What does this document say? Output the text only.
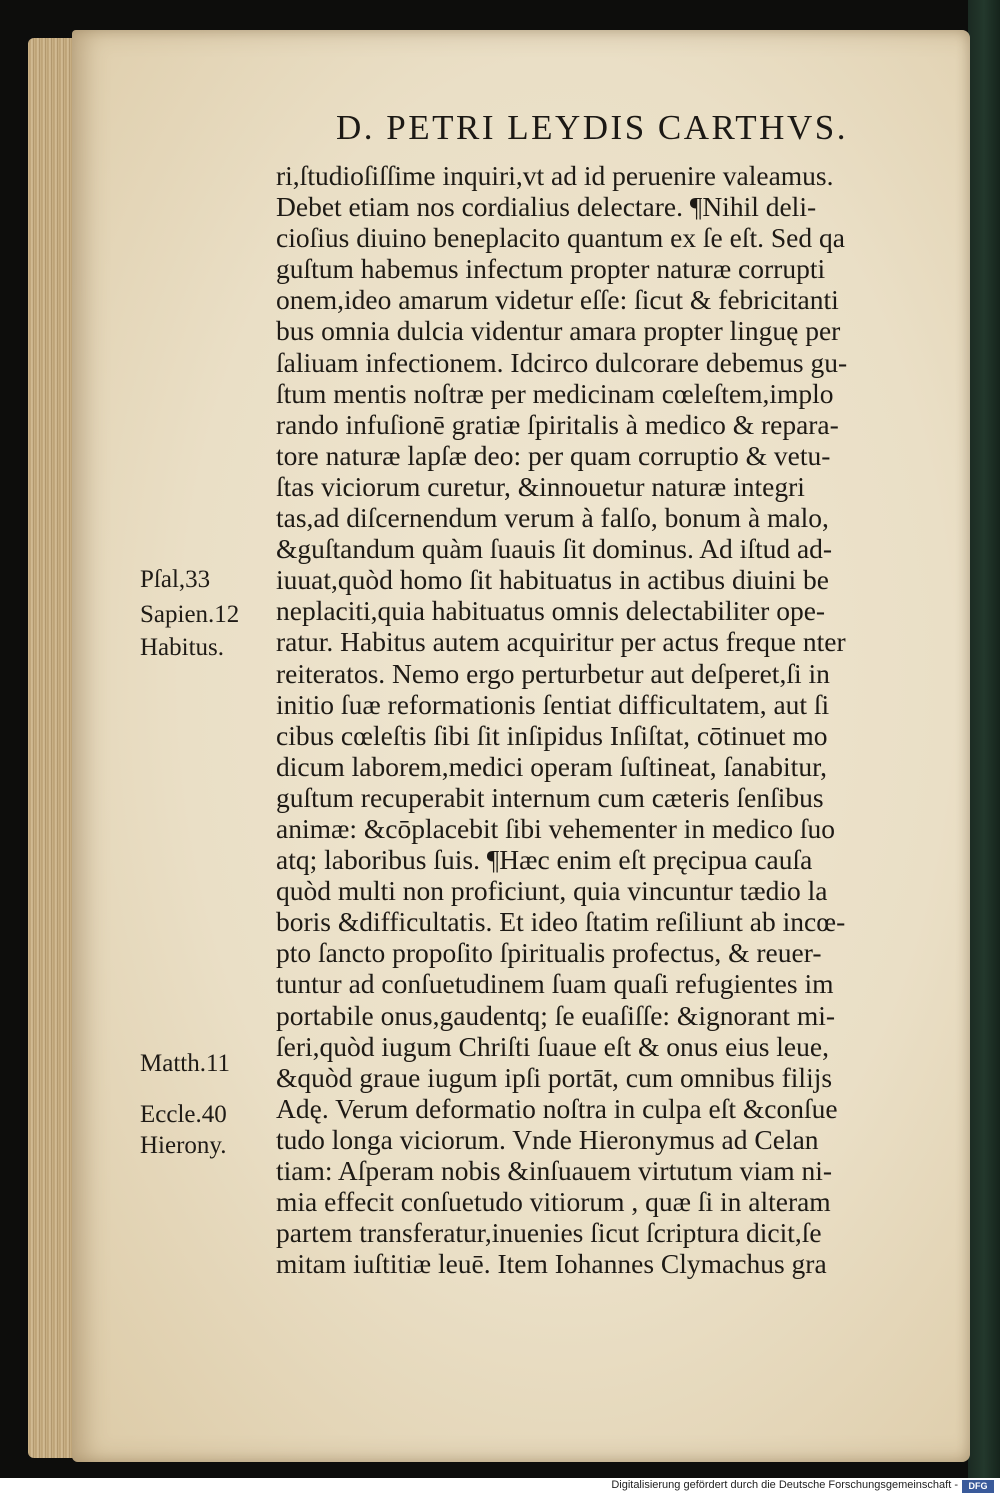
D. PETRI LEYDIS CARTHVS.
ri,ſtudioſiſſime inquiri,vt ad id peruenire valeamus.
Debet etiam nos cordialius delectare. ¶Nihil deli-
cioſius diuino beneplacito quantum ex ſe eſt. Sed qa
guſtum habemus infectum propter naturæ corrupti
onem,ideo amarum videtur eſſe: ſicut & febricitanti
bus omnia dulcia videntur amara propter linguę per
ſaliuam infectionem. Idcirco dulcorare debemus gu-
ſtum mentis noſtræ per medicinam cœleſtem,implo
rando infuſionē gratiæ ſpiritalis à medico & repara-
tore naturæ lapſæ deo: per quam corruptio & vetu-
ſtas viciorum curetur, &innouetur naturæ integri
tas,ad diſcernendum verum à falſo, bonum à malo,
&guſtandum quàm ſuauis ſit dominus. Ad iſtud ad-
iuuat,quòd homo ſit habituatus in actibus diuini be
neplaciti,quia habituatus omnis delectabiliter ope-
ratur. Habitus autem acquiritur per actus freque nter
reiteratos. Nemo ergo perturbetur aut deſperet,ſi in
initio ſuæ reformationis ſentiat difficultatem, aut ſi
cibus cœleſtis ſibi ſit inſipidus Inſiſtat, cōtinuet mo
dicum laborem,medici operam ſuſtineat, ſanabitur,
guſtum recuperabit internum cum cæteris ſenſibus
animæ: &cōplacebit ſibi vehementer in medico ſuo
atq; laboribus ſuis. ¶Hæc enim eſt pręcipua cauſa
quòd multi non proficiunt, quia vincuntur tædio la
boris &difficultatis. Et ideo ſtatim reſiliunt ab incœ-
pto ſancto propoſito ſpiritualis profectus, & reuer-
tuntur ad conſuetudinem ſuam quaſi refugientes im
portabile onus,gaudentq; ſe euaſiſſe: &ignorant mi-
ſeri,quòd iugum Chriſti ſuaue eſt & onus eius leue,
&quòd graue iugum ipſi portāt, cum omnibus filijs
Adę. Verum deformatio noſtra in culpa eſt &conſue
tudo longa viciorum. Vnde Hieronymus ad Celan
tiam: Aſperam nobis &inſuauem virtutum viam ni-
mia effecit conſuetudo vitiorum , quæ ſi in alteram
partem transferatur,inuenies ſicut ſcriptura dicit,ſe
mitam iuſtitiæ leuē. Item Iohannes Clymachus gra
Pſal,33
Sapien.12
Habitus.
Matth.11
Eccle.40
Hierony.
Digitalisierung gefördert durch die Deutsche Forschungsgemeinschaft -	DFG
